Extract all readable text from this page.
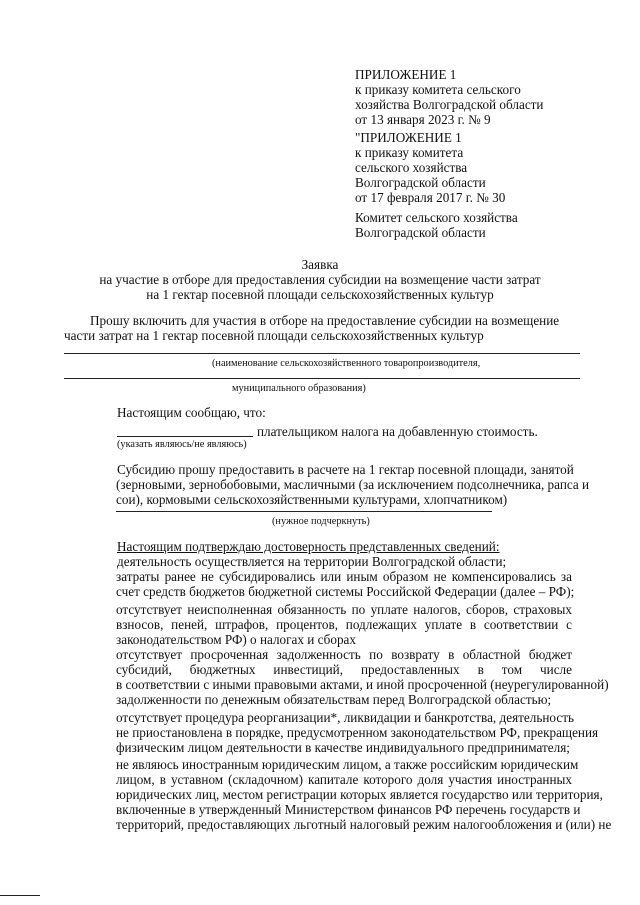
ПРИЛОЖЕНИЕ 1
к приказу комитета сельского
хозяйства Волгоградской области
от 13 января 2023 г. № 9
"ПРИЛОЖЕНИЕ 1
к приказу комитета
сельского хозяйства
Волгоградской области
от 17 февраля 2017 г. № 30
Комитет сельского хозяйства
Волгоградской области
Заявка
на участие в отборе для предоставления субсидии на возмещение части затрат
на 1 гектар посевной площади сельскохозяйственных культур
Прошу включить для участия в отборе на предоставление субсидии на возмещение
части затрат на 1 гектар посевной площади сельскохозяйственных культур
(наименование сельскохозяйственного товаропроизводителя,
муниципального образования)
Настоящим сообщаю, что:
плательщиком налога на добавленную стоимость.
(указать являюсь/не являюсь)
Субсидию прошу предоставить в расчете на 1 гектар посевной площади, занятой
(зерновыми, зернобобовыми, масличными (за исключением подсолнечника, рапса и
сои), кормовыми сельскохозяйственными культурами, хлопчатником)
(нужное подчеркнуть)
Настоящим подтверждаю достоверность представленных сведений:
деятельность осуществляется на территории Волгоградской области;
затраты ранее не субсидировались или иным образом не компенсировались за
счет средств бюджетов бюджетной системы Российской Федерации (далее – РФ);
отсутствует неисполненная обязанность по уплате налогов, сборов, страховых
взносов, пеней, штрафов, процентов, подлежащих уплате в соответствии с
законодательством РФ) о налогах и сборах
отсутствует просроченная задолженность по возврату в областной бюджет
субсидий, бюджетных инвестиций, предоставленных в том числе
в соответствии с иными правовыми актами, и иной просроченной (неурегулированной)
задолженности по денежным обязательствам перед Волгоградской областью;
отсутствует процедура реорганизации*, ликвидации и банкротства, деятельность
не приостановлена в порядке, предусмотренном законодательством РФ, прекращения
физическим лицом деятельности в качестве индивидуального предпринимателя;
не являюсь иностранным юридическим лицом, а также российским юридическим
лицом, в уставном (складочном) капитале которого доля участия иностранных
юридических лиц, местом регистрации которых является государство или территория,
включенные в утвержденный Министерством финансов РФ перечень государств и
территорий, предоставляющих льготный налоговый режим налогообложения и (или) не
